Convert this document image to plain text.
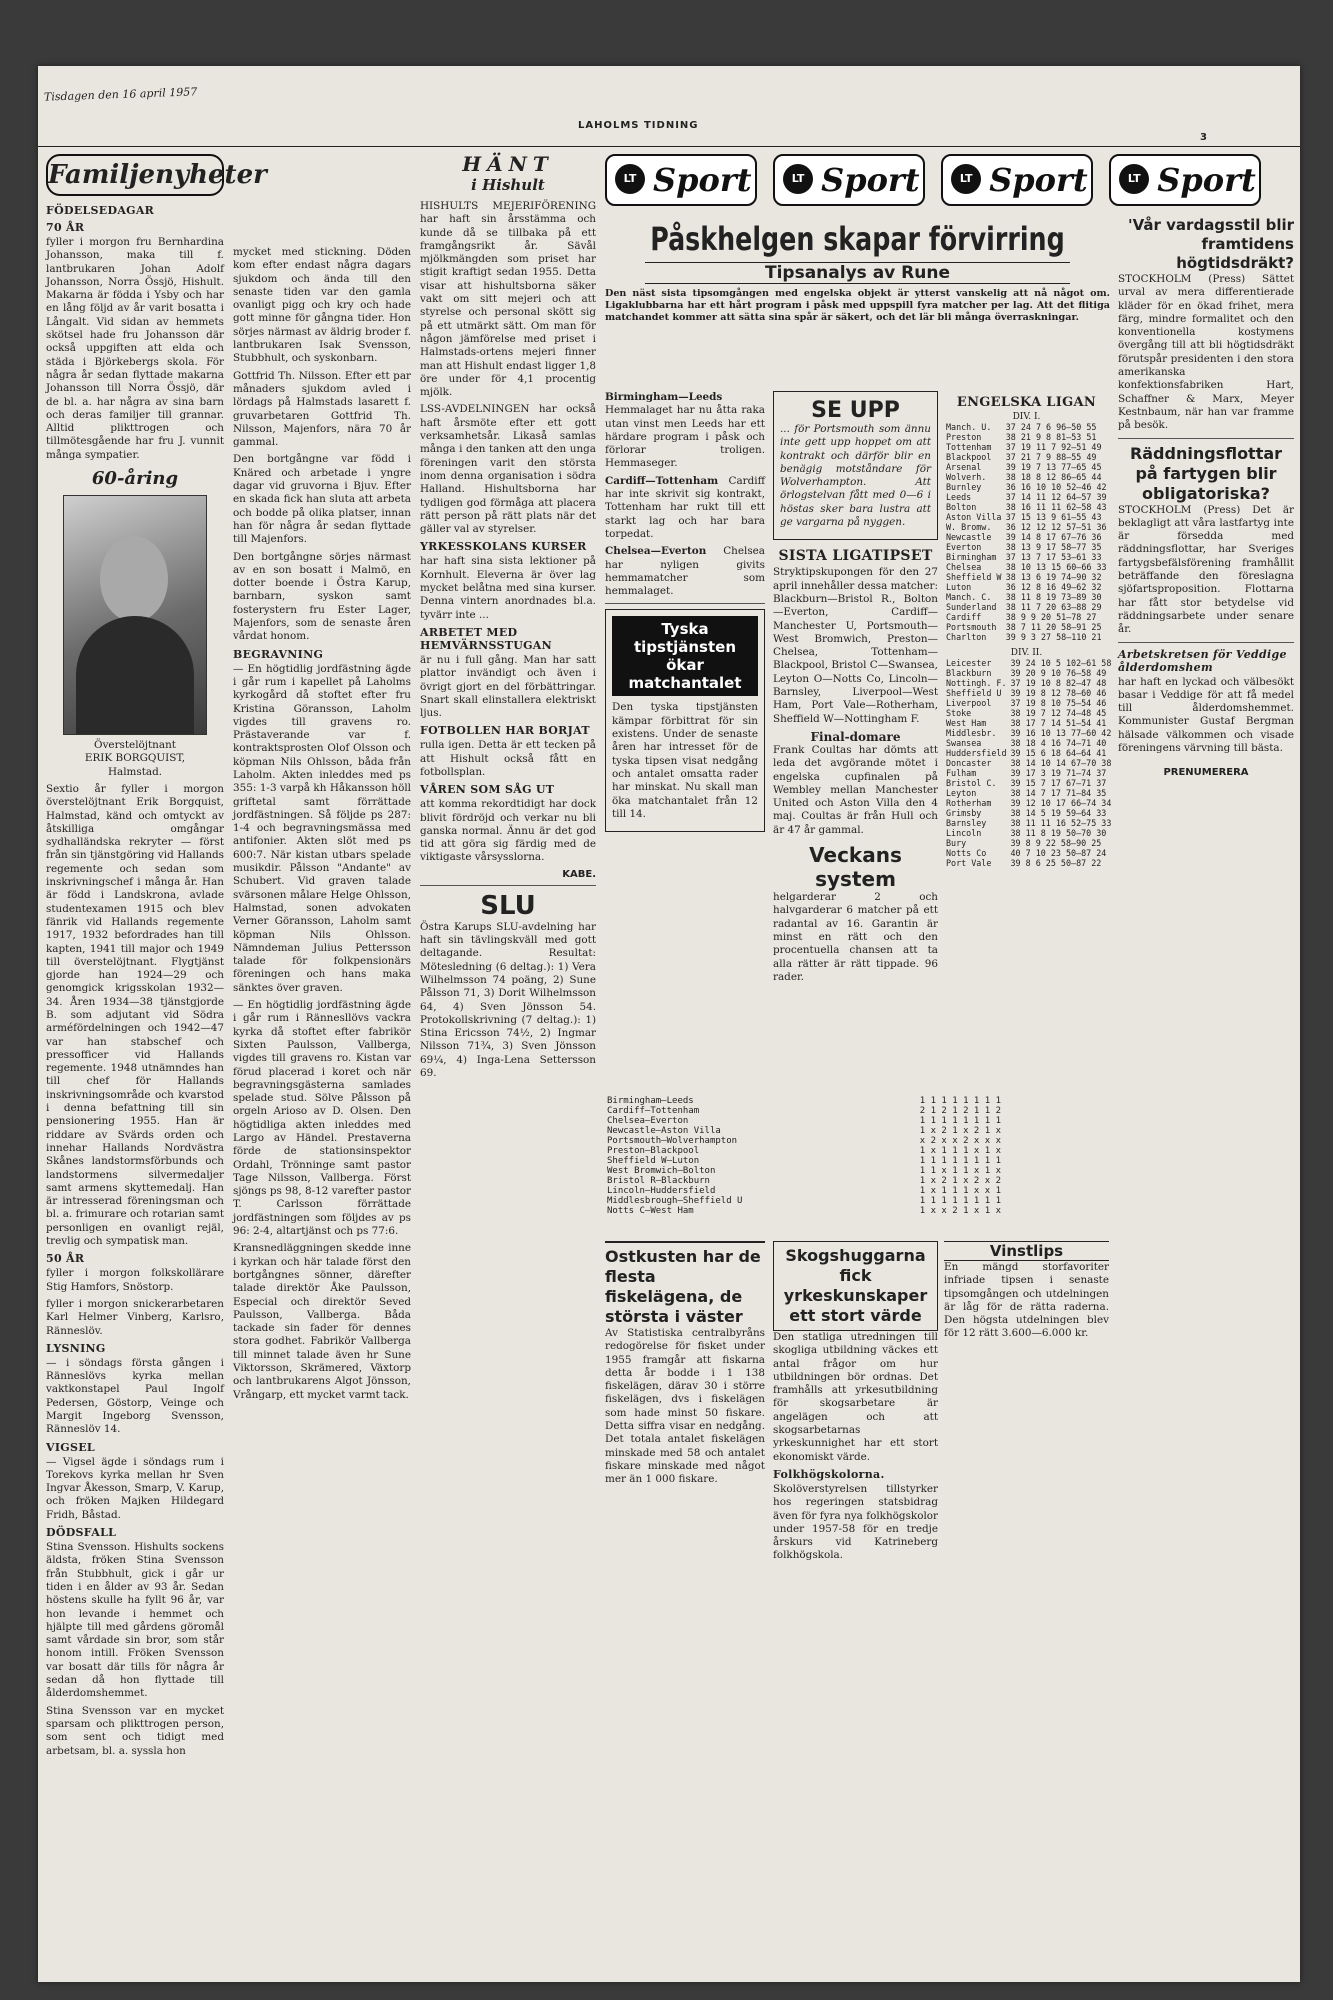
Tisdagen den 16 april 1957
LAHOLMS TIDNING
3
Familjenyheter
FÖDELSEDAGAR
70 ÅR

fyller i morgon fru Bernhardina Johansson, maka till f. lantbrukaren Johan Adolf Johansson, Norra Össjö, Hishult. Makarna är födda i Ysby och har en lång följd av år varit bosatta i Långalt. Vid sidan av hemmets skötsel hade fru Johansson där också uppgiften att elda och städa i Björkebergs skola. För några år sedan flyttade makarna Johansson till Norra Össjö, där de bl. a. har några av sina barn och deras familjer till grannar. Alltid plikttrogen och tillmötesgående har fru J. vunnit många sympatier.

60-åring
Överstelöjtnant
ERIK BORGQUIST,
Halmstad.

Sextio år fyller i morgon överstelöjtnant Erik Borgquist, Halmstad, känd och omtyckt av åtskilliga omgångar sydhalländska rekryter — först från sin tjänstgöring vid Hallands regemente och sedan som inskrivningschef i många år. Han är född i Landskrona, avlade studentexamen 1915 och blev fänrik vid Hallands regemente 1917, 1932 befordrades han till kapten, 1941 till major och 1949 till överstelöjtnant. Flygtjänst gjorde han 1924—29 och genomgick krigsskolan 1932—34. Åren 1934—38 tjänstgjorde B. som adjutant vid Södra arméfördelningen och 1942—47 var han stabschef och pressofficer vid Hallands regemente. 1948 utnämndes han till chef för Hallands inskrivningsområde och kvarstod i denna befattning till sin pensionering 1955. Han är riddare av Svärds orden och innehar Hallands Nordvästra Skånes landstormsförbunds och landstormens silvermedaljer samt armens skyttemedalj. Han är intresserad föreningsman och bl. a. frimurare och rotarian samt personligen en ovanligt rejäl, trevlig och sympatisk man.

50 ÅR

fyller i morgon folkskollärare Stig Hamfors, Snöstorp.

fyller i morgon snickerarbetaren Karl Helmer Vinberg, Karlsro, Ränneslöv.

LYSNING

— i söndags första gången i Ränneslövs kyrka mellan vaktkonstapel Paul Ingolf Pedersen, Göstorp, Veinge och Margit Ingeborg Svensson, Ränneslöv 14.

VIGSEL

— Vigsel ägde i söndags rum i Torekovs kyrka mellan hr Sven Ingvar Åkesson, Smarp, V. Karup, och fröken Majken Hildegard Fridh, Båstad.

DÖDSFALL

Stina Svensson. Hishults sockens äldsta, fröken Stina Svensson från Stubbhult, gick i går ur tiden i en ålder av 93 år. Sedan höstens skulle ha fyllt 96 år, var hon levande i hemmet och hjälpte till med gårdens göromål samt vårdade sin bror, som står honom intill. Fröken Svensson var bosatt där tills för några år sedan då hon flyttade till ålderdomshemmet.

Stina Svensson var en mycket sparsam och plikttrogen person, som sent och tidigt med arbetsam, bl. a. syssla hon

mycket med stickning. Döden kom efter endast några dagars sjukdom och ända till den senaste tiden var den gamla ovanligt pigg och kry och hade gott minne för gångna tider. Hon sörjes närmast av äldrig broder f. lantbrukaren Isak Svensson, Stubbhult, och syskonbarn.

Gottfrid Th. Nilsson. Efter ett par månaders sjukdom avled i lördags på Halmstads lasarett f. gruvarbetaren Gottfrid Th. Nilsson, Majenfors, nära 70 år gammal.

Den bortgångne var född i Knäred och arbetade i yngre dagar vid gruvorna i Bjuv. Efter en skada fick han sluta att arbeta och bodde på olika platser, innan han för några år sedan flyttade till Majenfors.

Den bortgångne sörjes närmast av en son bosatt i Malmö, en dotter boende i Östra Karup, barnbarn, syskon samt fosterystern fru Ester Lager, Majenfors, som de senaste åren vårdat honom.

BEGRAVNING

— En högtidlig jordfästning ägde i går rum i kapellet på Laholms kyrkogård då stoftet efter fru Kristina Göransson, Laholm vigdes till gravens ro. Prästaverande var f. kontraktsprosten Olof Olsson och köpman Nils Ohlsson, båda från Laholm. Akten inleddes med ps 355: 1-3 varpå kh Håkansson höll griftetal samt förrättade jordfästningen. Så följde ps 287: 1-4 och begravningsmässa med antifonier. Akten slöt med ps 600:7. När kistan utbars spelade musikdir. Pålsson "Andante" av Schubert. Vid graven talade svärsonen målare Helge Ohlsson, Halmstad, sonen advokaten Verner Göransson, Laholm samt köpman Nils Ohlsson. Nämndeman Julius Pettersson talade för folkpensionärs föreningen och hans maka sänktes över graven.

— En högtidlig jordfästning ägde i går rum i Rännesllövs vackra kyrka då stoftet efter fabrikör Sixten Paulsson, Vallberga, vigdes till gravens ro. Kistan var förud placerad i koret och när begravningsgästerna samlades spelade stud. Sölve Pålsson på orgeln Arioso av D. Olsen. Den högtidliga akten inleddes med Largo av Händel. Prestaverna förde de stationsinspektor Ordahl, Trönninge samt pastor Tage Nilsson, Vallberga. Först sjöngs ps 98, 8-12 varefter pastor T. Carlsson förrättade jordfästningen som följdes av ps 96: 2-4, altartjänst och ps 77:6.

Kransnedläggningen skedde inne i kyrkan och här talade först den bortgångnes sönner, därefter talade direktör Åke Paulsson, Especial och direktör Seved Paulsson, Vallberga. Båda tackade sin fader för dennes stora godhet. Fabrikör Vallberga till minnet talade även hr Sune Viktorsson, Skrämered, Växtorp och lantbrukarens Algot Jönsson, Vrångarp, ett mycket varmt tack.

HÄNT
i Hishult

HISHULTS MEJERIFÖRENING har haft sin årsstämma och kunde då se tillbaka på ett framgångsrikt år. Sävål mjölkmängden som priset har stigit kraftigt sedan 1955. Detta visar att hishultsborna säker vakt om sitt mejeri och att styrelse och personal skött sig på ett utmärkt sätt. Om man för någon jämförelse med priset i Halmstads-ortens mejeri finner man att Hishult endast ligger 1,8 öre under för 4,1 procentig mjölk.

LSS-AVDELNINGEN har också haft årsmöte efter ett gott verksamhetsår. Likaså samlas många i den tanken att den unga föreningen varit den största inom denna organisation i södra Halland. Hishultsborna har tydligen god förmåga att placera rätt person på rätt plats när det gäller val av styrelser.

YRKESSKOLANS KURSER

har haft sina sista lektioner på Kornhult. Eleverna är över lag mycket belåtna med sina kurser. Denna vintern anordnades bl.a. tyvärr inte ...

ARBETET MED HEMVÄRNSSTUGAN

är nu i full gång. Man har satt plattor invändigt och även i övrigt gjort en del förbättringar. Snart skall elinstallera elektriskt ljus.

FOTBOLLEN HAR BORJAT

rulla igen. Detta är ett tecken på att Hishult också fått en fotbollsplan.

VÅREN SOM SÅG UT

att komma rekordtidigt har dock blivit fördröjd och verkar nu bli ganska normal. Ännu är det god tid att göra sig färdig med de viktigaste vårsysslorna.

KABE.
SLU

Östra Karups SLU-avdelning har haft sin tävlingskväll med gott deltagande. Resultat: Mötesledning (6 deltag.): 1) Vera Wilhelmsson 74 poäng, 2) Sune Pålsson 71, 3) Dorit Wilhelmsson 64, 4) Sven Jönsson 54. Protokollskrivning (7 deltag.): 1) Stina Ericsson 74½, 2) Ingmar Nilsson 71¾, 3) Sven Jönsson 69¼, 4) Inga-Lena Settersson 69.

LT Sport
	LT Sport
	LT Sport
	LT Sport
Påskhelgen skapar förvirring
Tipsanalys av Rune

Den näst sista tipsomgången med engelska objekt är ytterst vanskelig att nå något om. Ligaklubbarna har ett hårt program i påsk med uppspill fyra matcher per lag. Att det flitiga matchandet kommer att sätta sina spår är säkert, och det lär bli många överraskningar.

Birmingham—Leeds Hemmalaget har nu åtta raka utan vinst men Leeds har ett härdare program i påsk och förlorar troligen. Hemmaseger.

Cardiff—Tottenham Cardiff har inte skrivit sig kontrakt, Tottenham har rukt till ett starkt lag och har bara torpedat.

Chelsea—Everton Chelsea har nyligen givits hemmamatcher som hemmalaget.

Tyska tipstjänsten ökar matchantalet

Den tyska tipstjänsten kämpar förbittrat för sin existens. Under de senaste åren har intresset för de tyska tipsen visat nedgång och antalet omsatta rader har minskat. Nu skall man öka matchantalet från 12 till 14.

SE UPP

... för Portsmouth som ännu inte gett upp hoppet om att kontrakt och därför blir en benägig motståndare för Wolverhampton. Att örlogstelvan fått med 0—6 i höstas sker bara lustra att ge vargarna på nyggen.

SISTA LIGATIPSET

Stryktipskupongen för den 27 april innehåller dessa matcher: Blackburn—Bristol R., Bolton—Everton, Cardiff—Manchester U, Portsmouth—West Bromwich, Preston—Chelsea, Tottenham—Blackpool, Bristol C—Swansea, Leyton O—Notts Co, Lincoln—Barnsley, Liverpool—West Ham, Port Vale—Rotherham, Sheffield W—Nottingham F.

Final-domare

Frank Coultas har dömts att leda det avgörande mötet i engelska cupfinalen på Wembley mellan Manchester United och Aston Villa den 4 maj. Coultas är från Hull och är 47 år gammal.

Veckans system

helgarderar 2 och halvgarderar 6 matcher på ett radantal av 16. Garantin är minst en rätt och den procentuella chansen att ta alla rätter är rätt tippade. 96 rader.

ENGELSKA LIGAN
DIV. I.
Manch. U.	37 24 7 6 96—50 55
Preston	38 21 9 8 81—53 51
Tottenham	37 19 11 7 92—51 49
Blackpool	37 21 7 9 88—55 49
Arsenal	39 19 7 13 77—65 45
Wolverh.	38 18 8 12 86—65 44
Burnley	36 16 10 10 52—46 42
Leeds	37 14 11 12 64—57 39
Bolton	38 16 11 11 62—58 43
Aston Villa	37 15 13 9 61—55 43
W. Bromw.	36 12 12 12 57—51 36
Newcastle	39 14 8 17 67—76 36
Everton	38 13 9 17 58—77 35
Birmingham	37 13 7 17 53—61 33
Chelsea	38 10 13 15 60—66 33
Sheffield W	38 13 6 19 74—90 32
Luton	36 12 8 16 49—62 32
Manch. C.	38 11 8 19 73—89 30
Sunderland	38 11 7 20 63—88 29
Cardiff	38 9 9 20 51—78 27
Portsmouth	38 7 11 20 58—91 25
Charlton	39 9 3 27 58—110 21
DIV. II.
Leicester	39 24 10 5 102—61 58
Blackburn	39 20 9 10 76—58 49
Nottingh. F.	37 19 10 8 82—47 48
Sheffield U	39 19 8 12 78—60 46
Liverpool	37 19 8 10 75—54 46
Stoke	38 19 7 12 74—48 45
West Ham	38 17 7 14 51—54 41
Middlesbr.	39 16 10 13 77—60 42
Swansea	38 18 4 16 74—71 40
Huddersfield	39 15 6 18 64—64 41
Doncaster	38 14 10 14 67—70 38
Fulham	39 17 3 19 71—74 37
Bristol C.	39 15 7 17 67—71 37
Leyton	38 14 7 17 71—84 35
Rotherham	39 12 10 17 66—74 34
Grimsby	38 14 5 19 59—64 33
Barnsley	38 11 11 16 52—75 33
Lincoln	38 11 8 19 50—70 30
Bury	39 8 9 22 58—90 25
Notts Co	40 7 10 23 50—87 24
Port Vale	39 8 6 25 50—87 22
Birmingham—Leeds	1 1 1 1 1 1 1 1
Cardiff—Tottenham	2 1 2 1 2 1 1 2
Chelsea—Everton	1 1 1 1 1 1 1 1
Newcastle—Aston Villa	1 x 2 1 x 2 1 x
Portsmouth—Wolverhampton	x 2 x x 2 x x x
Preston—Blackpool	1 x 1 1 1 x 1 x
Sheffield W—Luton	1 1 1 1 1 1 1 1
West Bromwich—Bolton	1 1 x 1 1 x 1 x
Bristol R—Blackburn	1 x 2 1 x 2 x 2
Lincoln—Huddersfield	1 x 1 1 1 x x 1
Middlesbrough—Sheffield U	1 1 1 1 1 1 1 1
Notts C—West Ham	1 x x 2 1 x 1 x
'Vår vardagsstil blir framtidens högtidsdräkt?

STOCKHOLM (Press) Sättet urval av mera differentierade kläder för en ökad frihet, mera färg, mindre formalitet och den konventionella kostymens övergång till att bli högtidsdräkt förutspår presidenten i den stora amerikanska konfektionsfabriken Hart, Schaffner & Marx, Meyer Kestnbaum, när han var framme på besök.

Räddningsflottar på fartygen blir obligatoriska?

STOCKHOLM (Press) Det är beklagligt att våra lastfartyg inte är försedda med räddningsflottar, har Sveriges fartygsbefälsförening framhållit beträffande den föreslagna sjöfartsproposition. Flottarna har fått stor betydelse vid räddningsarbete under senare år.

Arbetskretsen för Veddige ålderdomshem

har haft en lyckad och välbesökt basar i Veddige för att få medel till ålderdomshemmet. Kommunister Gustaf Bergman hälsade välkommen och visade föreningens värvning till bästa.

PRENUMERERA
Ostkusten har de flesta fiskelägena, de största i väster

Av Statistiska centralbyråns redogörelse för fisket under 1955 framgår att fiskarna detta år bodde i 1 138 fiskelägen, därav 30 i större fiskelägen, dvs i fiskelägen som hade minst 50 fiskare. Detta siffra visar en nedgång. Det totala antalet fiskelägen minskade med 58 och antalet fiskare minskade med något mer än 1 000 fiskare.

Skogshuggarna fick yrkeskunskaper ett stort värde

Den statliga utredningen till skogliga utbildning väckes ett antal frågor om hur utbildningen bör ordnas. Det framhålls att yrkesutbildning för skogsarbetare är angelägen och att skogsarbetarnas yrkeskunnighet har ett stort ekonomiskt värde.

Folkhögskolorna.

Skolöverstyrelsen tillstyrker hos regeringen statsbidrag även för fyra nya folkhögskolor under 1957-58 för en tredje årskurs vid Katrineberg folkhögskola.

Vinstlips

En mängd storfavoriter infriade tipsen i senaste tipsomgången och utdelningen är låg för de rätta raderna. Den högsta utdelningen blev för 12 rätt 3.600—6.000 kr.
